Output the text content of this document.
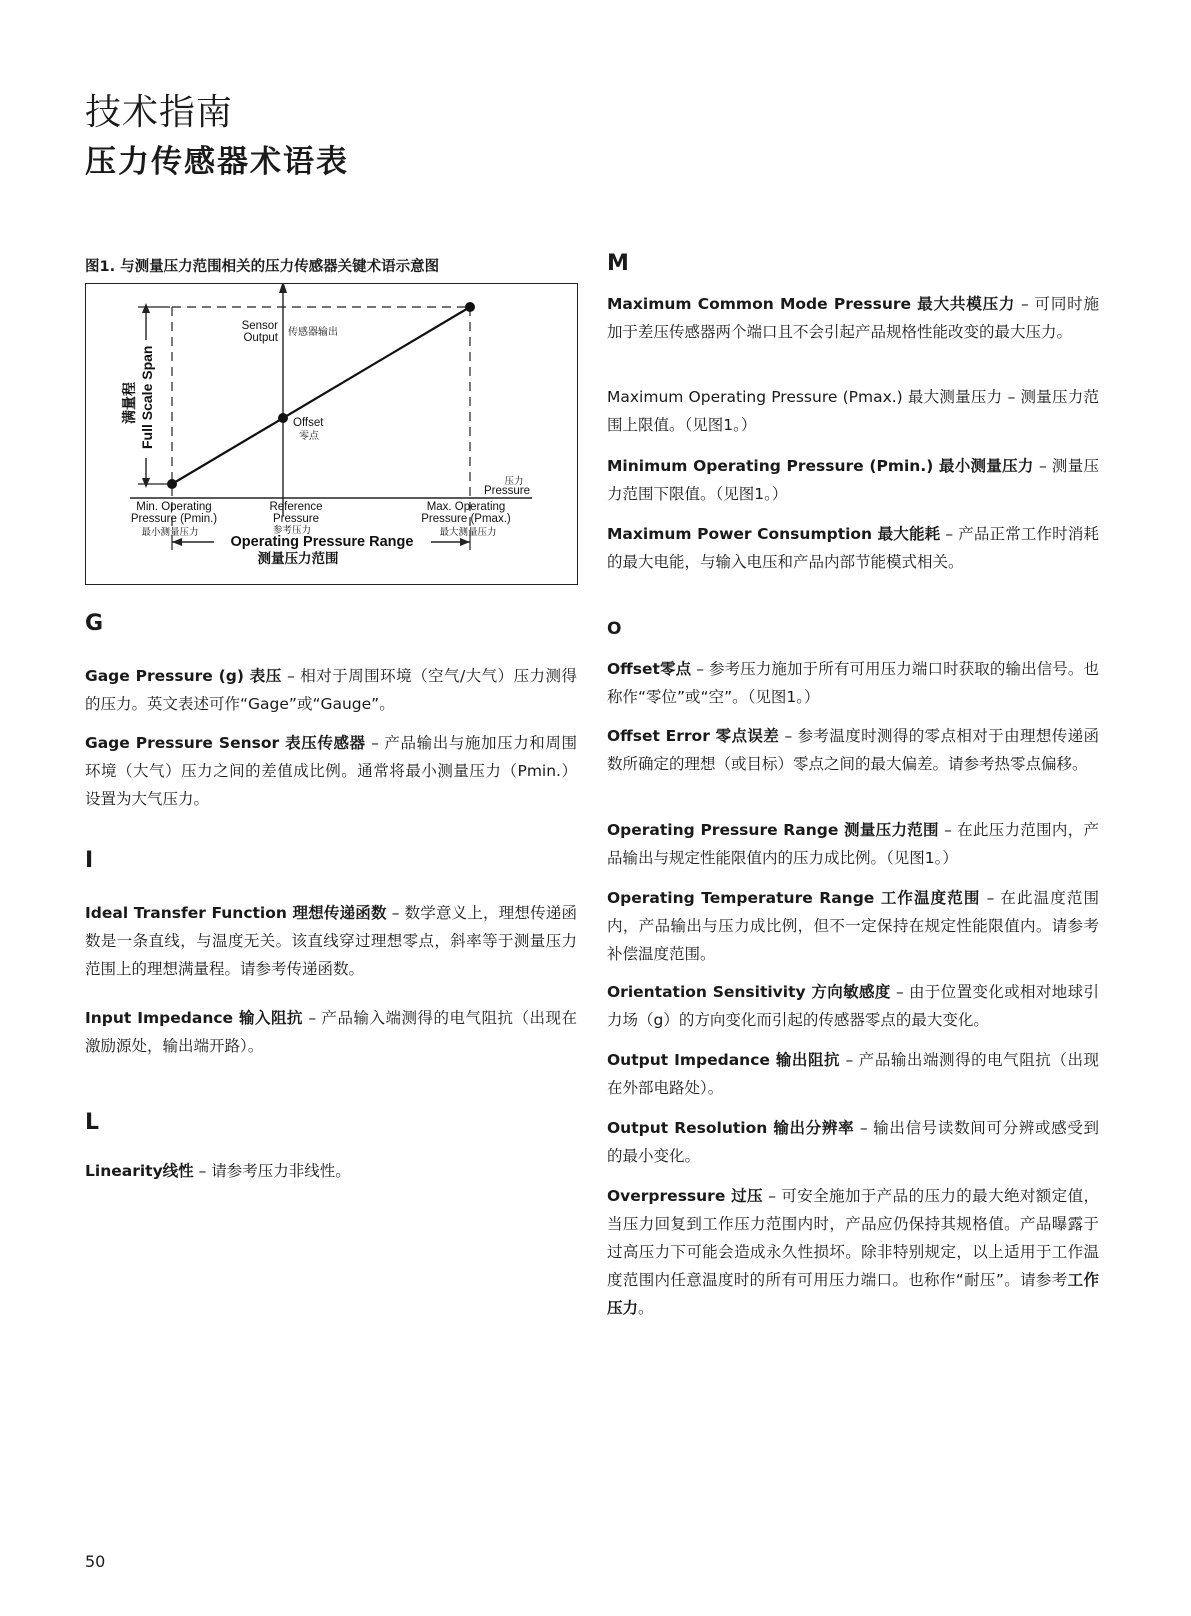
技术指南
压力传感器术语表

图1. 与测量压力范围相关的压力传感器关键术语示意图

Full Scale Span
满量程
Sensor
Output 传感器输出
Offset
零点
压力
Pressure
Min. Operating
Pressure (Pmin.)
最小测量压力
Reference
Pressure
参考压力
Max. Operating
Pressure (Pmax.)
最大测量压力
Operating Pressure Range
测量压力范围

G

Gage Pressure (g) 表压 – 相对于周围环境（空气/大气）压力测得的压力。英文表述可作“Gage”或“Gauge”。

Gage Pressure Sensor 表压传感器 – 产品输出与施加压力和周围环境（大气）压力之间的差值成比例。通常将最小测量压力（Pmin.）设置为大气压力。

I

Ideal Transfer Function 理想传递函数 – 数学意义上，理想传递函数是一条直线，与温度无关。该直线穿过理想零点，斜率等于测量压力范围上的理想满量程。请参考传递函数。

Input Impedance 输入阻抗 – 产品输入端测得的电气阻抗（出现在激励源处，输出端开路）。

L

Linearity线性 – 请参考压力非线性。

M

Maximum Common Mode Pressure 最大共模压力 – 可同时施加于差压传感器两个端口且不会引起产品规格性能改变的最大压力。

Maximum Operating Pressure (Pmax.) 最大测量压力 – 测量压力范围上限值。（见图1。）

Minimum Operating Pressure (Pmin.) 最小测量压力 – 测量压力范围下限值。（见图1。）

Maximum Power Consumption 最大能耗 – 产品正常工作时消耗的最大电能，与输入电压和产品内部节能模式相关。

O

Offset零点 – 参考压力施加于所有可用压力端口时获取的输出信号。也称作“零位”或“空”。（见图1。）

Offset Error 零点误差 – 参考温度时测得的零点相对于由理想传递函数所确定的理想（或目标）零点之间的最大偏差。请参考热零点偏移。

Operating Pressure Range 测量压力范围 – 在此压力范围内，产品输出与规定性能限值内的压力成比例。（见图1。）

Operating Temperature Range 工作温度范围 – 在此温度范围内，产品输出与压力成比例，但不一定保持在规定性能限值内。请参考补偿温度范围。

Orientation Sensitivity 方向敏感度 – 由于位置变化或相对地球引力场（g）的方向变化而引起的传感器零点的最大变化。

Output Impedance 输出阻抗 – 产品输出端测得的电气阻抗（出现在外部电路处）。

Output Resolution 输出分辨率 – 输出信号读数间可分辨或感受到的最小变化。

Overpressure 过压 – 可安全施加于产品的压力的最大绝对额定值，当压力回复到工作压力范围内时，产品应仍保持其规格值。产品曝露于过高压力下可能会造成永久性损坏。除非特别规定，以上适用于工作温度范围内任意温度时的所有可用压力端口。也称作“耐压”。请参考工作压力。

50
